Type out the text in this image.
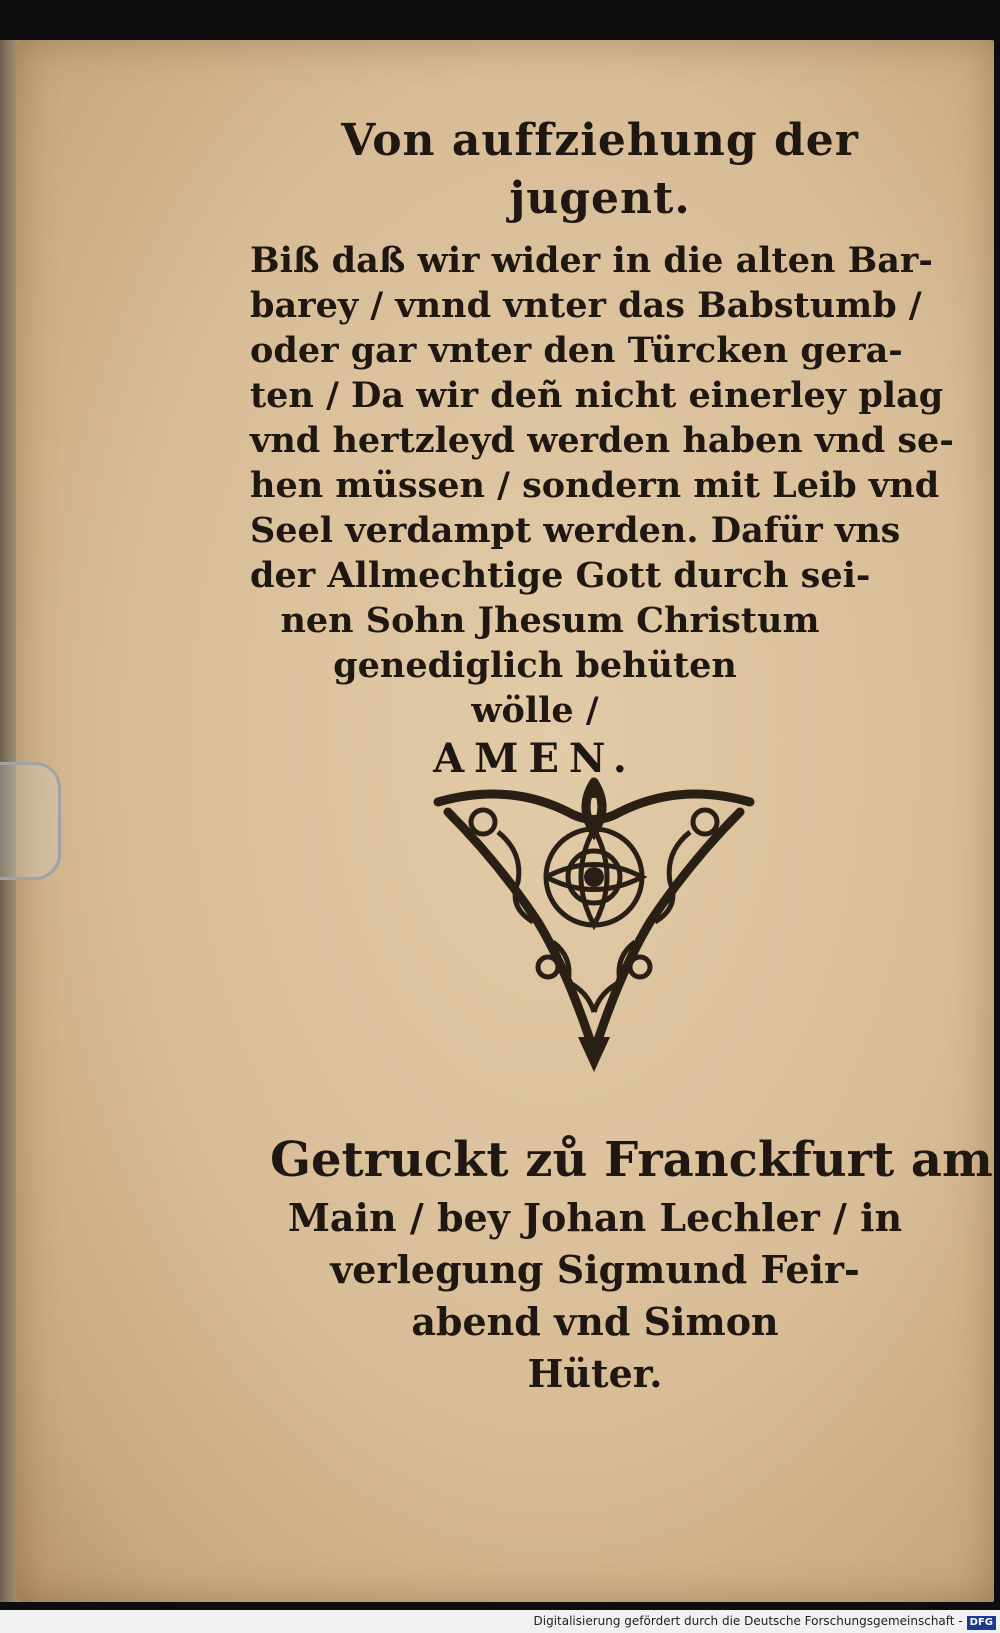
Von auffziehung der jugent.
Biß daß wir wider in die alten Bar-
barey / vnnd vnter das Babstumb /
oder gar vnter den Türcken gera-
ten / Da wir deñ nicht einerley plag
vnd hertzleyd werden haben vnd se-
hen müssen / sondern mit Leib vnd
Seel verdampt werden. Dafür vns
der Allmechtige Gott durch sei-
nen Sohn Jhesum Christum
genediglich behüten
wölle /
AMEN.
Getruckt zů Franckfurt am
Main / bey Johan Lechler / in
verlegung Sigmund Feir-
abend vnd Simon
Hüter.
Digitalisierung gefördert durch die Deutsche Forschungsgemeinschaft - DFG
